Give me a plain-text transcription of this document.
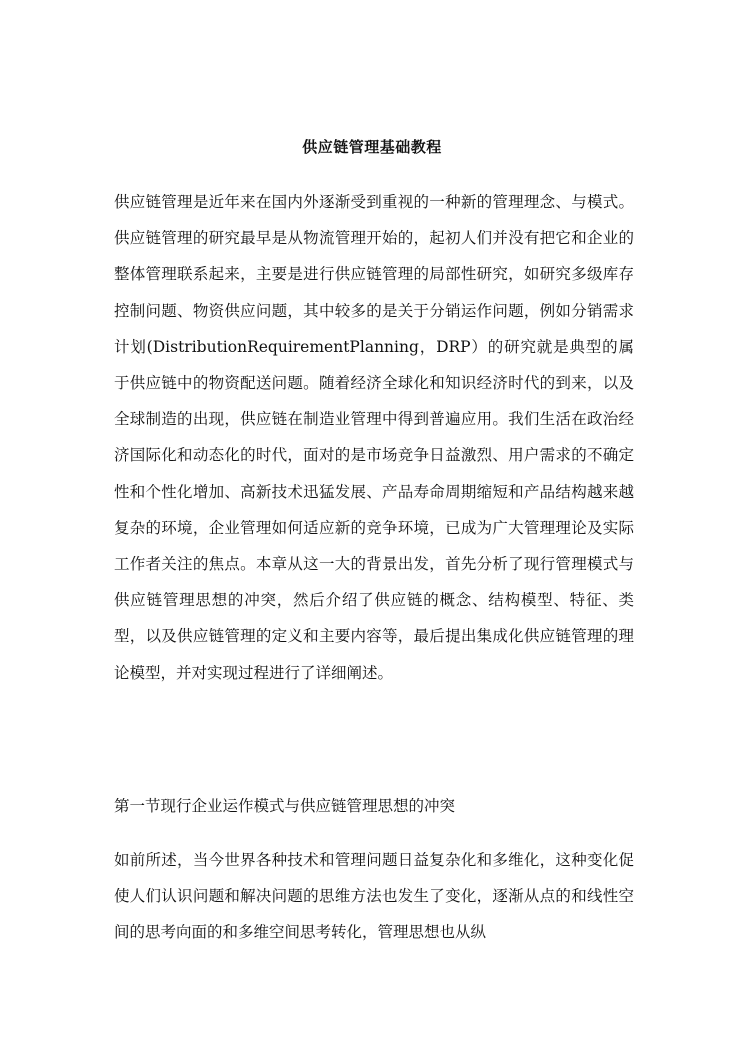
供应链管理基础教程

供应链管理是近年来在国内外逐渐受到重视的一种新的管理理念、与模式。供应链管理的研究最早是从物流管理开始的，起初人们并没有把它和企业的整体管理联系起来，主要是进行供应链管理的局部性研究，如研究多级库存控制问题、物资供应问题，其中较多的是关于分销运作问题，例如分销需求计划(DistributionRequirementPlanning，DRP）的研究就是典型的属于供应链中的物资配送问题。随着经济全球化和知识经济时代的到来，以及全球制造的出现，供应链在制造业管理中得到普遍应用。我们生活在政治经济国际化和动态化的时代，面对的是市场竞争日益激烈、用户需求的不确定性和个性化增加、高新技术迅猛发展、产品寿命周期缩短和产品结构越来越复杂的环境，企业管理如何适应新的竞争环境，已成为广大管理理论及实际工作者关注的焦点。本章从这一大的背景出发，首先分析了现行管理模式与供应链管理思想的冲突，然后介绍了供应链的概念、结构模型、特征、类型，以及供应链管理的定义和主要内容等，最后提出集成化供应链管理的理论模型，并对实现过程进行了详细阐述。

第一节现行企业运作模式与供应链管理思想的冲突

如前所述，当今世界各种技术和管理问题日益复杂化和多维化，这种变化促使人们认识问题和解决问题的思维方法也发生了变化，逐渐从点的和线性空间的思考向面的和多维空间思考转化，管理思想也从纵
